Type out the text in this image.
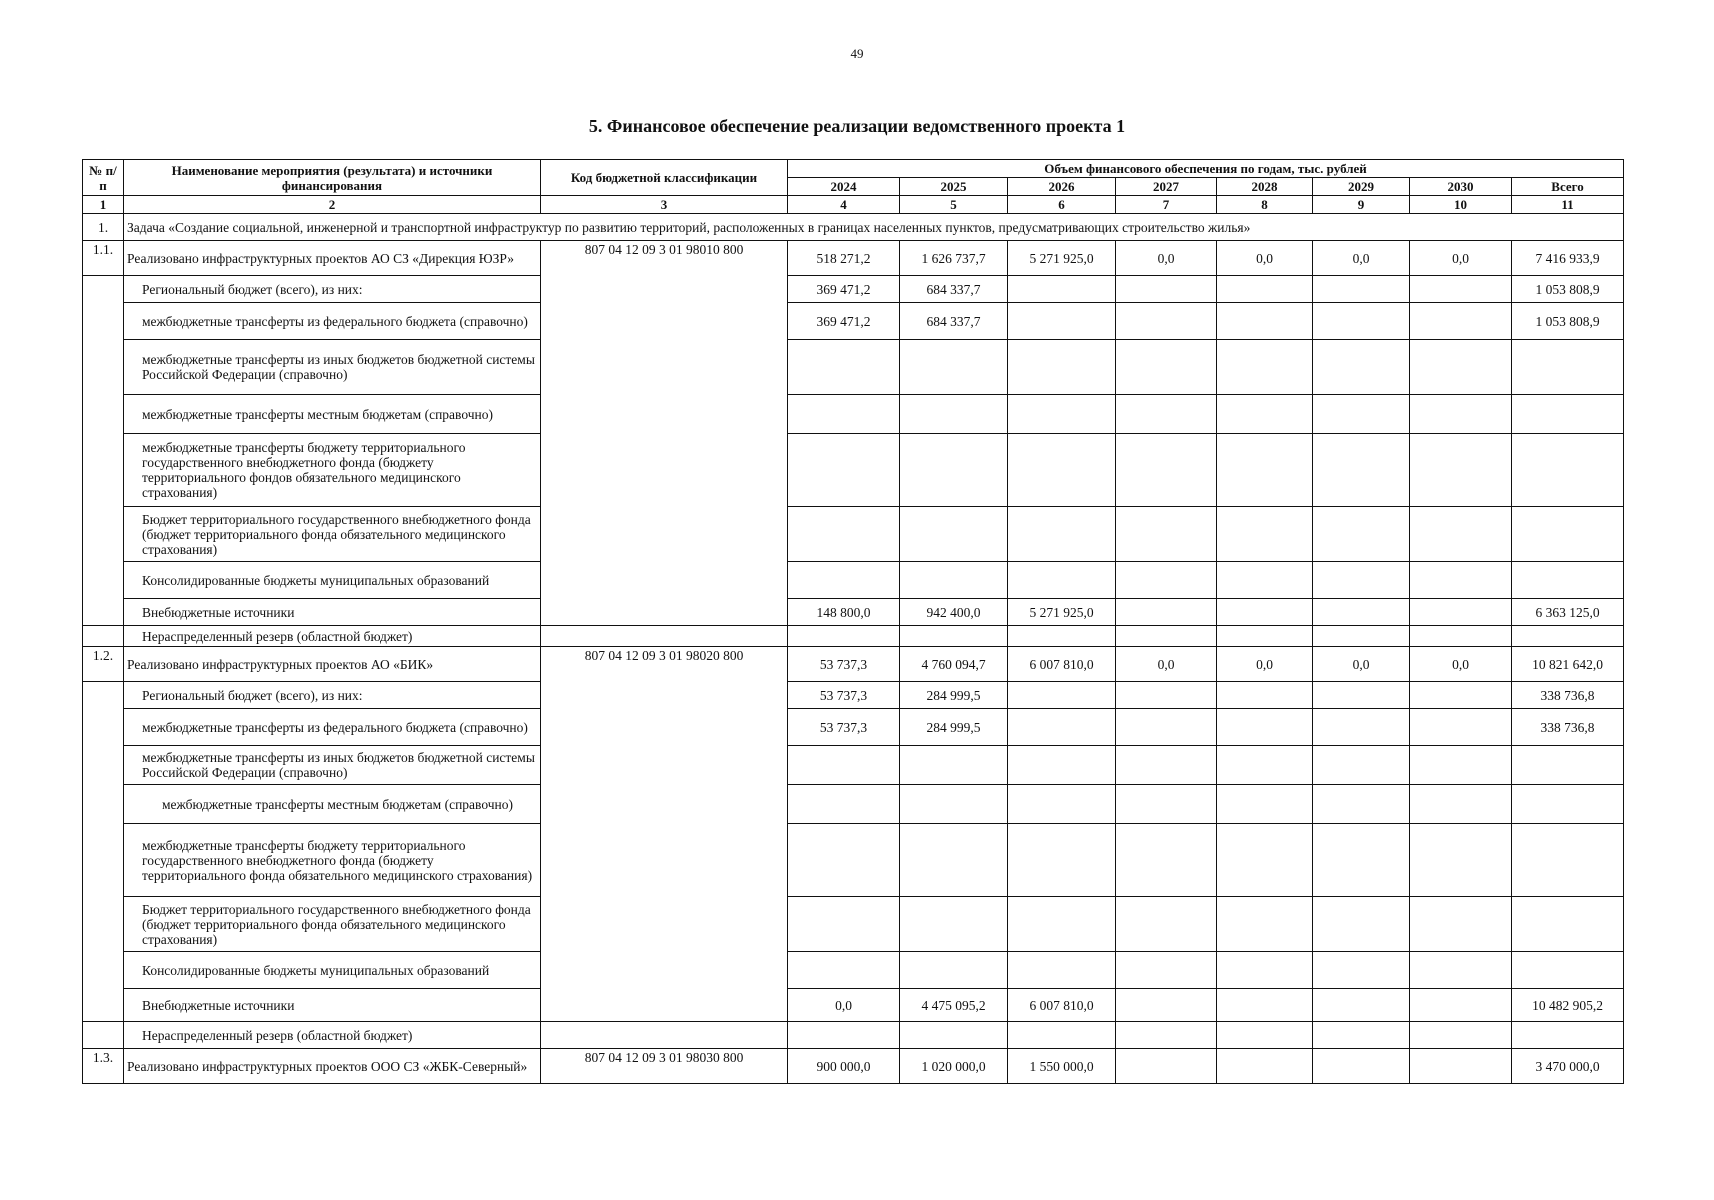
49
5. Финансовое обеспечение реализации ведомственного проекта 1
№ п/п	Наименование мероприятия (результата) и источники финансирования	Код бюджетной классификации	Объем финансового обеспечения по годам, тыс. рублей							
			2024	2025	2026	2027	2028	2029	2030	Всего
1	2	3	4	5	6	7	8	9	10	11
1.	Задача «Создание социальной, инженерной и транспортной инфраструктур по развитию территорий, расположенных в границах населенных пунктов, предусматривающих строительство жилья»									
1.1.	Реализовано инфраструктурных проектов АО СЗ «Дирекция ЮЗР»	807 04 12 09 3 01 98010 800	518 271,2	1 626 737,7	5 271 925,0	0,0	0,0	0,0	0,0	7 416 933,9
	Региональный бюджет (всего), из них:		369 471,2	684 337,7						1 053 808,9
	межбюджетные трансферты из федерального бюджета (справочно)		369 471,2	684 337,7						1 053 808,9
	межбюджетные трансферты из иных бюджетов бюджетной системы Российской Федерации (справочно)									
	межбюджетные трансферты местным бюджетам (справочно)									
	межбюджетные трансферты бюджету территориального государственного внебюджетного фонда (бюджету территориального фондов обязательного медицинского страхования)									
	Бюджет территориального государственного внебюджетного фонда (бюджет территориального фонда обязательного медицинского страхования)									
	Консолидированные бюджеты муниципальных образований									
	Внебюджетные источники		148 800,0	942 400,0	5 271 925,0					6 363 125,0
	Нераспределенный резерв (областной бюджет)									
1.2.	Реализовано инфраструктурных проектов АО «БИК»	807 04 12 09 3 01 98020 800	53 737,3	4 760 094,7	6 007 810,0	0,0	0,0	0,0	0,0	10 821 642,0
	Региональный бюджет (всего), из них:		53 737,3	284 999,5						338 736,8
	межбюджетные трансферты из федерального бюджета (справочно)		53 737,3	284 999,5						338 736,8
	межбюджетные трансферты из иных бюджетов бюджетной системы Российской Федерации (справочно)									
	межбюджетные трансферты местным бюджетам (справочно)									
	межбюджетные трансферты бюджету территориального государственного внебюджетного фонда (бюджету территориального фонда обязательного медицинского страхования)									
	Бюджет территориального государственного внебюджетного фонда (бюджет территориального фонда обязательного медицинского страхования)									
	Консолидированные бюджеты муниципальных образований									
	Внебюджетные источники		0,0	4 475 095,2	6 007 810,0					10 482 905,2
	Нераспределенный резерв (областной бюджет)									
1.3.	Реализовано инфраструктурных проектов ООО СЗ «ЖБК-Северный»	807 04 12 09 3 01 98030 800	900 000,0	1 020 000,0	1 550 000,0					3 470 000,0
